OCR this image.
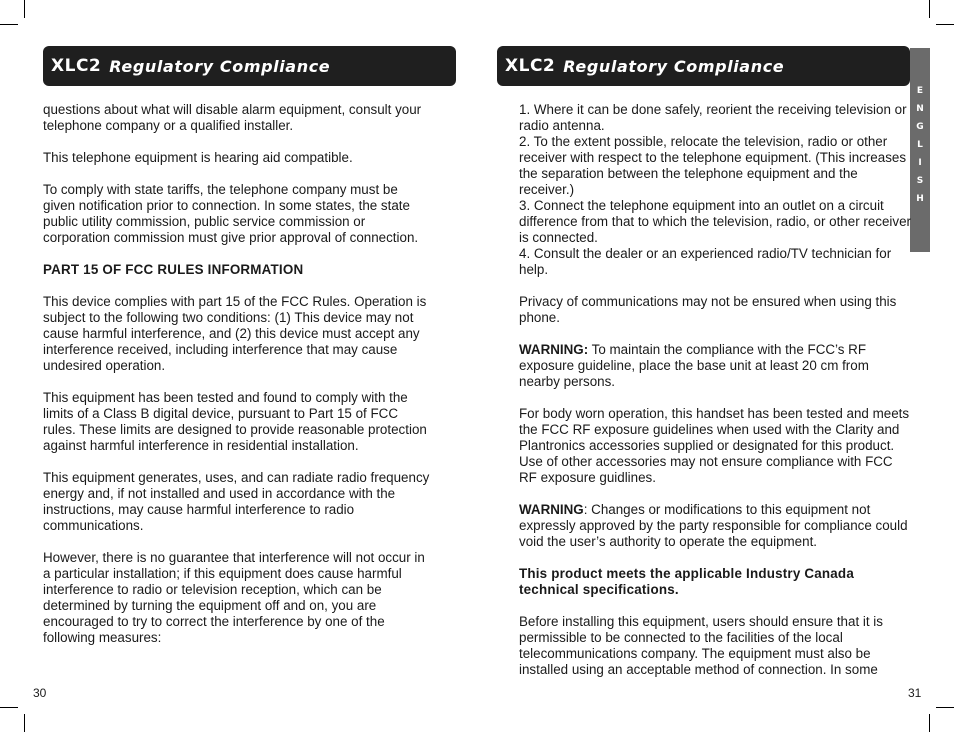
XLC2 Regulatory Compliance	XLC2 Regulatory Compliance
E
N
G
L
I
S
H

questions about what will disable alarm equipment, consult your telephone company or a qualified installer.

This telephone equipment is hearing aid compatible.

To comply with state tariffs, the telephone company must be given notification prior to connection. In some states, the state public utility commission, public service commission or corporation commission must give prior approval of connection.

PART 15 OF FCC RULES INFORMATION

This device complies with part 15 of the FCC Rules. Operation is subject to the following two conditions: (1) This device may not cause harmful interference, and (2) this device must accept any interference received, including interference that may cause undesired operation.

This equipment has been tested and found to comply with the limits of a Class B digital device, pursuant to Part 15 of FCC rules. These limits are designed to provide reasonable protection against harmful interference in residential installation.

This equipment generates, uses, and can radiate radio frequency energy and, if not installed and used in accordance with the instructions, may cause harmful interference to radio communications.

However, there is no guarantee that interference will not occur in a particular installation; if this equipment does cause harmful interference to radio or television reception, which can be determined by turning the equipment off and on, you are encouraged to try to correct the interference by one of the following measures:

1. Where it can be done safely, reorient the receiving television or radio antenna.
2. To the extent possible, relocate the television, radio or other receiver with respect to the telephone equipment. (This increases the separation between the telephone equipment and the receiver.)
3. Connect the telephone equipment into an outlet on a circuit difference from that to which the television, radio, or other receiver is connected.
4. Consult the dealer or an experienced radio/TV technician for help.

Privacy of communications may not be ensured when using this phone.

WARNING: To maintain the compliance with the FCC’s RF exposure guideline, place the base unit at least 20 cm from nearby persons.

For body worn operation, this handset has been tested and meets the FCC RF exposure guidelines when used with the Clarity and Plantronics accessories supplied or designated for this product. Use of other accessories may not ensure compliance with FCC RF exposure guidlines.

WARNING: Changes or modifications to this equipment not expressly approved by the party responsible for compliance could void the user’s authority to operate the equipment.

This product meets the applicable Industry Canada technical specifications.

Before installing this equipment, users should ensure that it is permissible to be connected to the facilities of the local telecommunications company. The equipment must also be installed using an acceptable method of connection. In some

30	31
